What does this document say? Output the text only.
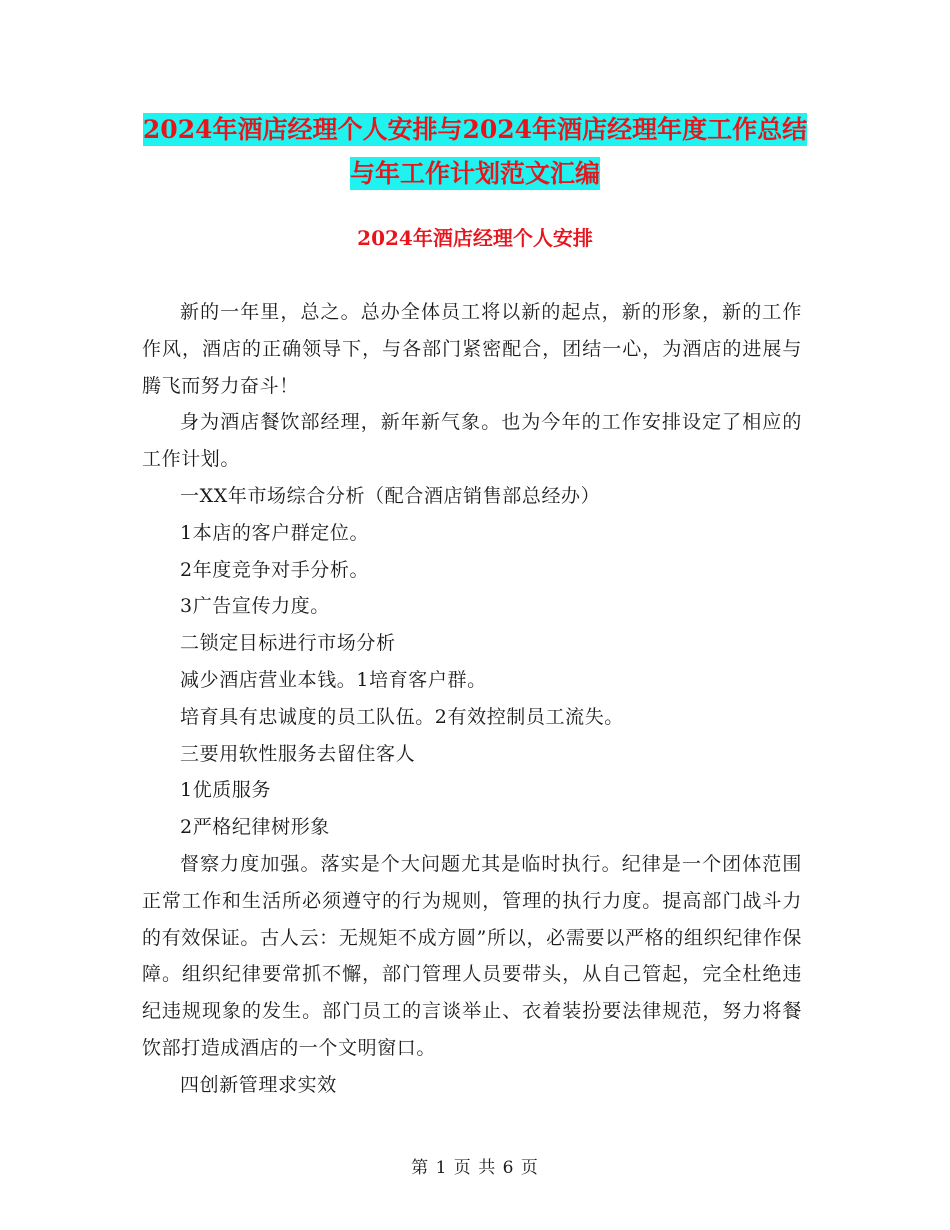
2024年酒店经理个人安排与2024年酒店经理年度工作总结与年工作计划范文汇编
2024年酒店经理个人安排

新的一年里，总之。总办全体员工将以新的起点，新的形象，新的工作作风，酒店的正确领导下，与各部门紧密配合，团结一心，为酒店的进展与腾飞而努力奋斗！

身为酒店餐饮部经理，新年新气象。也为今年的工作安排设定了相应的工作计划。

一XX年市场综合分析（配合酒店销售部总经办）

1本店的客户群定位。

2年度竞争对手分析。

3广告宣传力度。

二锁定目标进行市场分析

减少酒店营业本钱。1培育客户群。

培育具有忠诚度的员工队伍。2有效控制员工流失。

三要用软性服务去留住客人

1优质服务

2严格纪律树形象

督察力度加强。落实是个大问题尤其是临时执行。纪律是一个团体范围正常工作和生活所必须遵守的行为规则，管理的执行力度。提高部门战斗力的有效保证。古人云：无规矩不成方圆”所以，必需要以严格的组织纪律作保障。组织纪律要常抓不懈，部门管理人员要带头，从自己管起，完全杜绝违纪违规现象的发生。部门员工的言谈举止、衣着装扮要法律规范，努力将餐饮部打造成酒店的一个文明窗口。

四创新管理求实效

第 1 页 共 6 页
